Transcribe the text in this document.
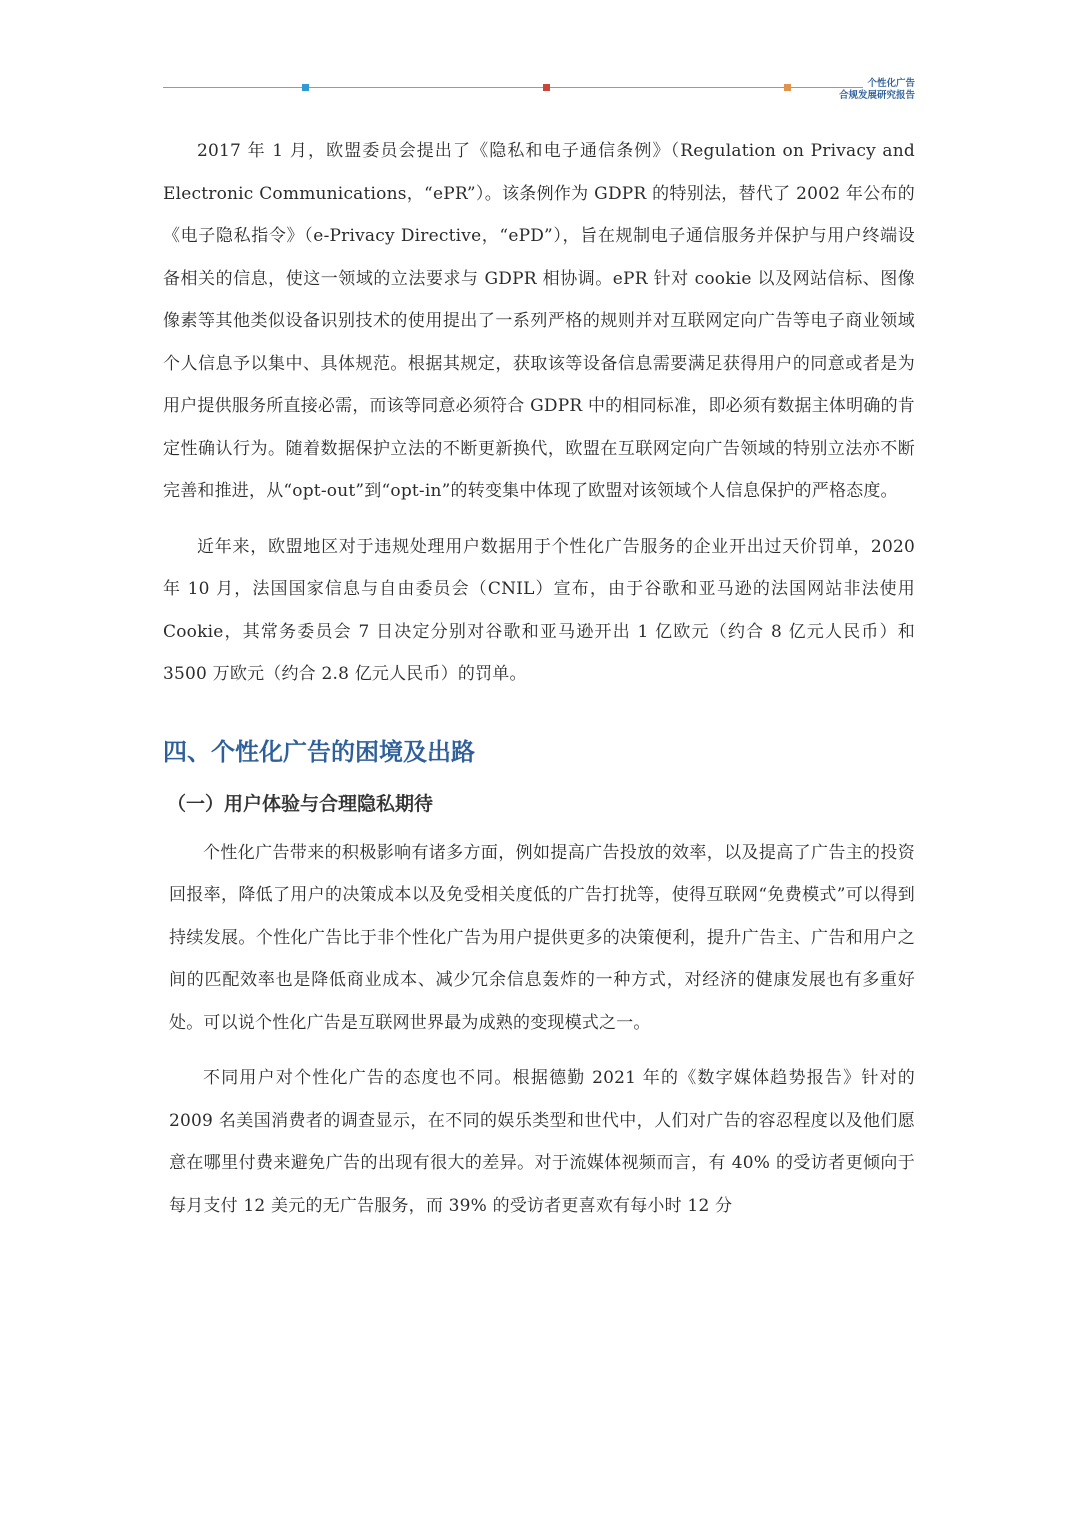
个性化广告
合规发展研究报告

2017 年 1 月，欧盟委员会提出了《隐私和电子通信条例》（Regulation on Privacy and Electronic Communications，“ePR”）。该条例作为 GDPR 的特别法，替代了 2002 年公布的《电子隐私指令》（e-Privacy Directive，“ePD”），旨在规制电子通信服务并保护与用户终端设备相关的信息，使这一领域的立法要求与 GDPR 相协调。ePR 针对 cookie 以及网站信标、图像像素等其他类似设备识别技术的使用提出了一系列严格的规则并对互联网定向广告等电子商业领域个人信息予以集中、具体规范。根据其规定，获取该等设备信息需要满足获得用户的同意或者是为用户提供服务所直接必需，而该等同意必须符合 GDPR 中的相同标准，即必须有数据主体明确的肯定性确认行为。随着数据保护立法的不断更新换代，欧盟在互联网定向广告领域的特别立法亦不断完善和推进，从“opt-out”到“opt-in”的转变集中体现了欧盟对该领域个人信息保护的严格态度。

近年来，欧盟地区对于违规处理用户数据用于个性化广告服务的企业开出过天价罚单，2020 年 10 月，法国国家信息与自由委员会（CNIL）宣布，由于谷歌和亚马逊的法国网站非法使用 Cookie，其常务委员会 7 日决定分别对谷歌和亚马逊开出 1 亿欧元（约合 8 亿元人民币）和 3500 万欧元（约合 2.8 亿元人民币）的罚单。

四、个性化广告的困境及出路
（一）用户体验与合理隐私期待

个性化广告带来的积极影响有诸多方面，例如提高广告投放的效率，以及提高了广告主的投资回报率，降低了用户的决策成本以及免受相关度低的广告打扰等，使得互联网“免费模式”可以得到持续发展。个性化广告比于非个性化广告为用户提供更多的决策便利，提升广告主、广告和用户之间的匹配效率也是降低商业成本、减少冗余信息轰炸的一种方式，对经济的健康发展也有多重好处。可以说个性化广告是互联网世界最为成熟的变现模式之一。

不同用户对个性化广告的态度也不同。根据德勤 2021 年的《数字媒体趋势报告》针对的 2009 名美国消费者的调查显示，在不同的娱乐类型和世代中，人们对广告的容忍程度以及他们愿意在哪里付费来避免广告的出现有很大的差异。对于流媒体视频而言，有 40% 的受访者更倾向于每月支付 12 美元的无广告服务，而 39% 的受访者更喜欢有每小时 12 分
